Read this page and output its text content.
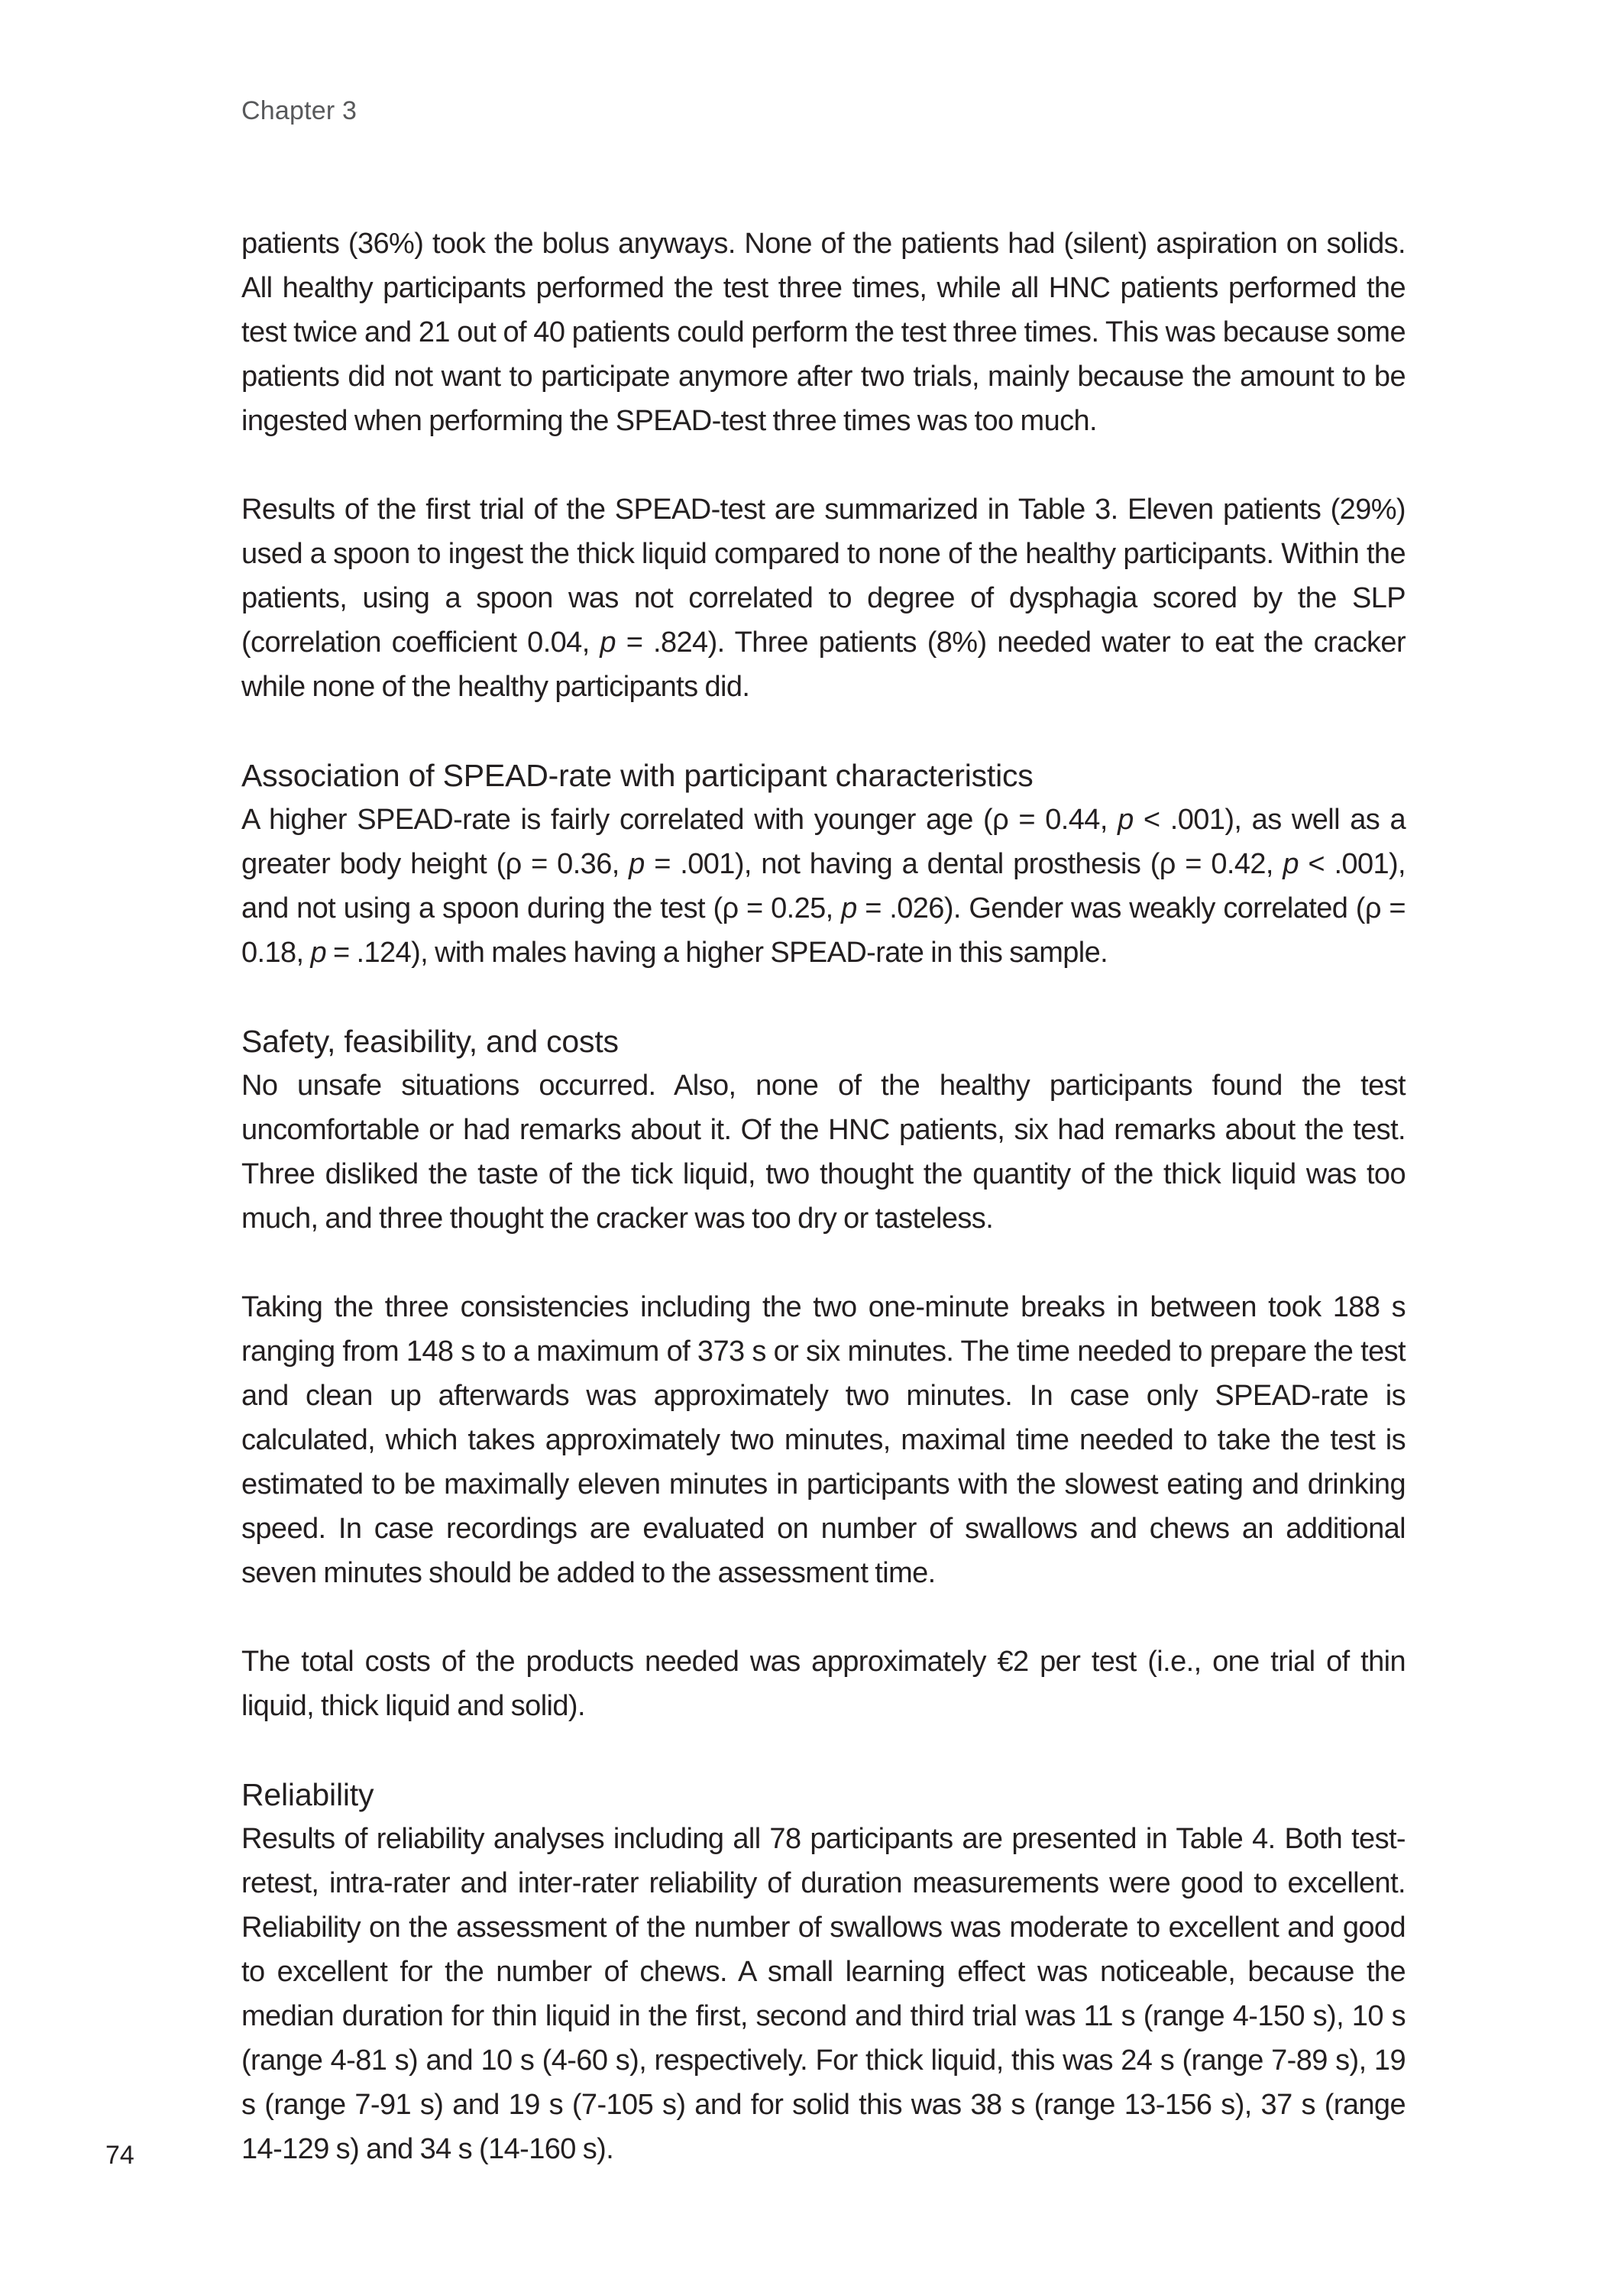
Chapter 3

patients (36%) took the bolus anyways. None of the patients had (silent) aspiration on solids. All healthy participants performed the test three times, while all HNC patients performed the test twice and 21 out of 40 patients could perform the test three times. This was because some patients did not want to participate anymore after two trials, mainly because the amount to be ingested when performing the SPEAD-test three times was too much.

Results of the first trial of the SPEAD-test are summarized in Table 3. Eleven patients (29%) used a spoon to ingest the thick liquid compared to none of the healthy participants. Within the patients, using a spoon was not correlated to degree of dysphagia scored by the SLP (correlation coefficient 0.04, p = .824). Three patients (8%) needed water to eat the cracker while none of the healthy participants did.

Association of SPEAD-rate with participant characteristics

A higher SPEAD-rate is fairly correlated with younger age (ρ = 0.44, p < .001), as well as a greater body height (ρ = 0.36, p = .001), not having a dental prosthesis (ρ = 0.42, p < .001), and not using a spoon during the test (ρ = 0.25, p = .026). Gender was weakly correlated (ρ = 0.18, p = .124), with males having a higher SPEAD-rate in this sample.

Safety, feasibility, and costs

No unsafe situations occurred. Also, none of the healthy participants found the test uncomfortable or had remarks about it. Of the HNC patients, six had remarks about the test. Three disliked the taste of the tick liquid, two thought the quantity of the thick liquid was too much, and three thought the cracker was too dry or tasteless.

Taking the three consistencies including the two one-minute breaks in between took 188 s ranging from 148 s to a maximum of 373 s or six minutes. The time needed to prepare the test and clean up afterwards was approximately two minutes. In case only SPEAD-rate is calculated, which takes approximately two minutes, maximal time needed to take the test is estimated to be maximally eleven minutes in participants with the slowest eating and drinking speed. In case recordings are evaluated on number of swallows and chews an additional seven minutes should be added to the assessment time.

The total costs of the products needed was approximately €2 per test (i.e., one trial of thin liquid, thick liquid and solid).

Reliability

Results of reliability analyses including all 78 participants are presented in Table 4. Both test-retest, intra-rater and inter-rater reliability of duration measurements were good to excellent. Reliability on the assessment of the number of swallows was moderate to excellent and good to excellent for the number of chews. A small learning effect was noticeable, because the median duration for thin liquid in the first, second and third trial was 11 s (range 4-150 s), 10 s (range 4-81 s) and 10 s (4-60 s), respectively. For thick liquid, this was 24 s (range 7-89 s), 19 s (range 7-91 s) and 19 s (7-105 s) and for solid this was 38 s (range 13-156 s), 37 s (range 14-129 s) and 34 s (14-160 s).

74
